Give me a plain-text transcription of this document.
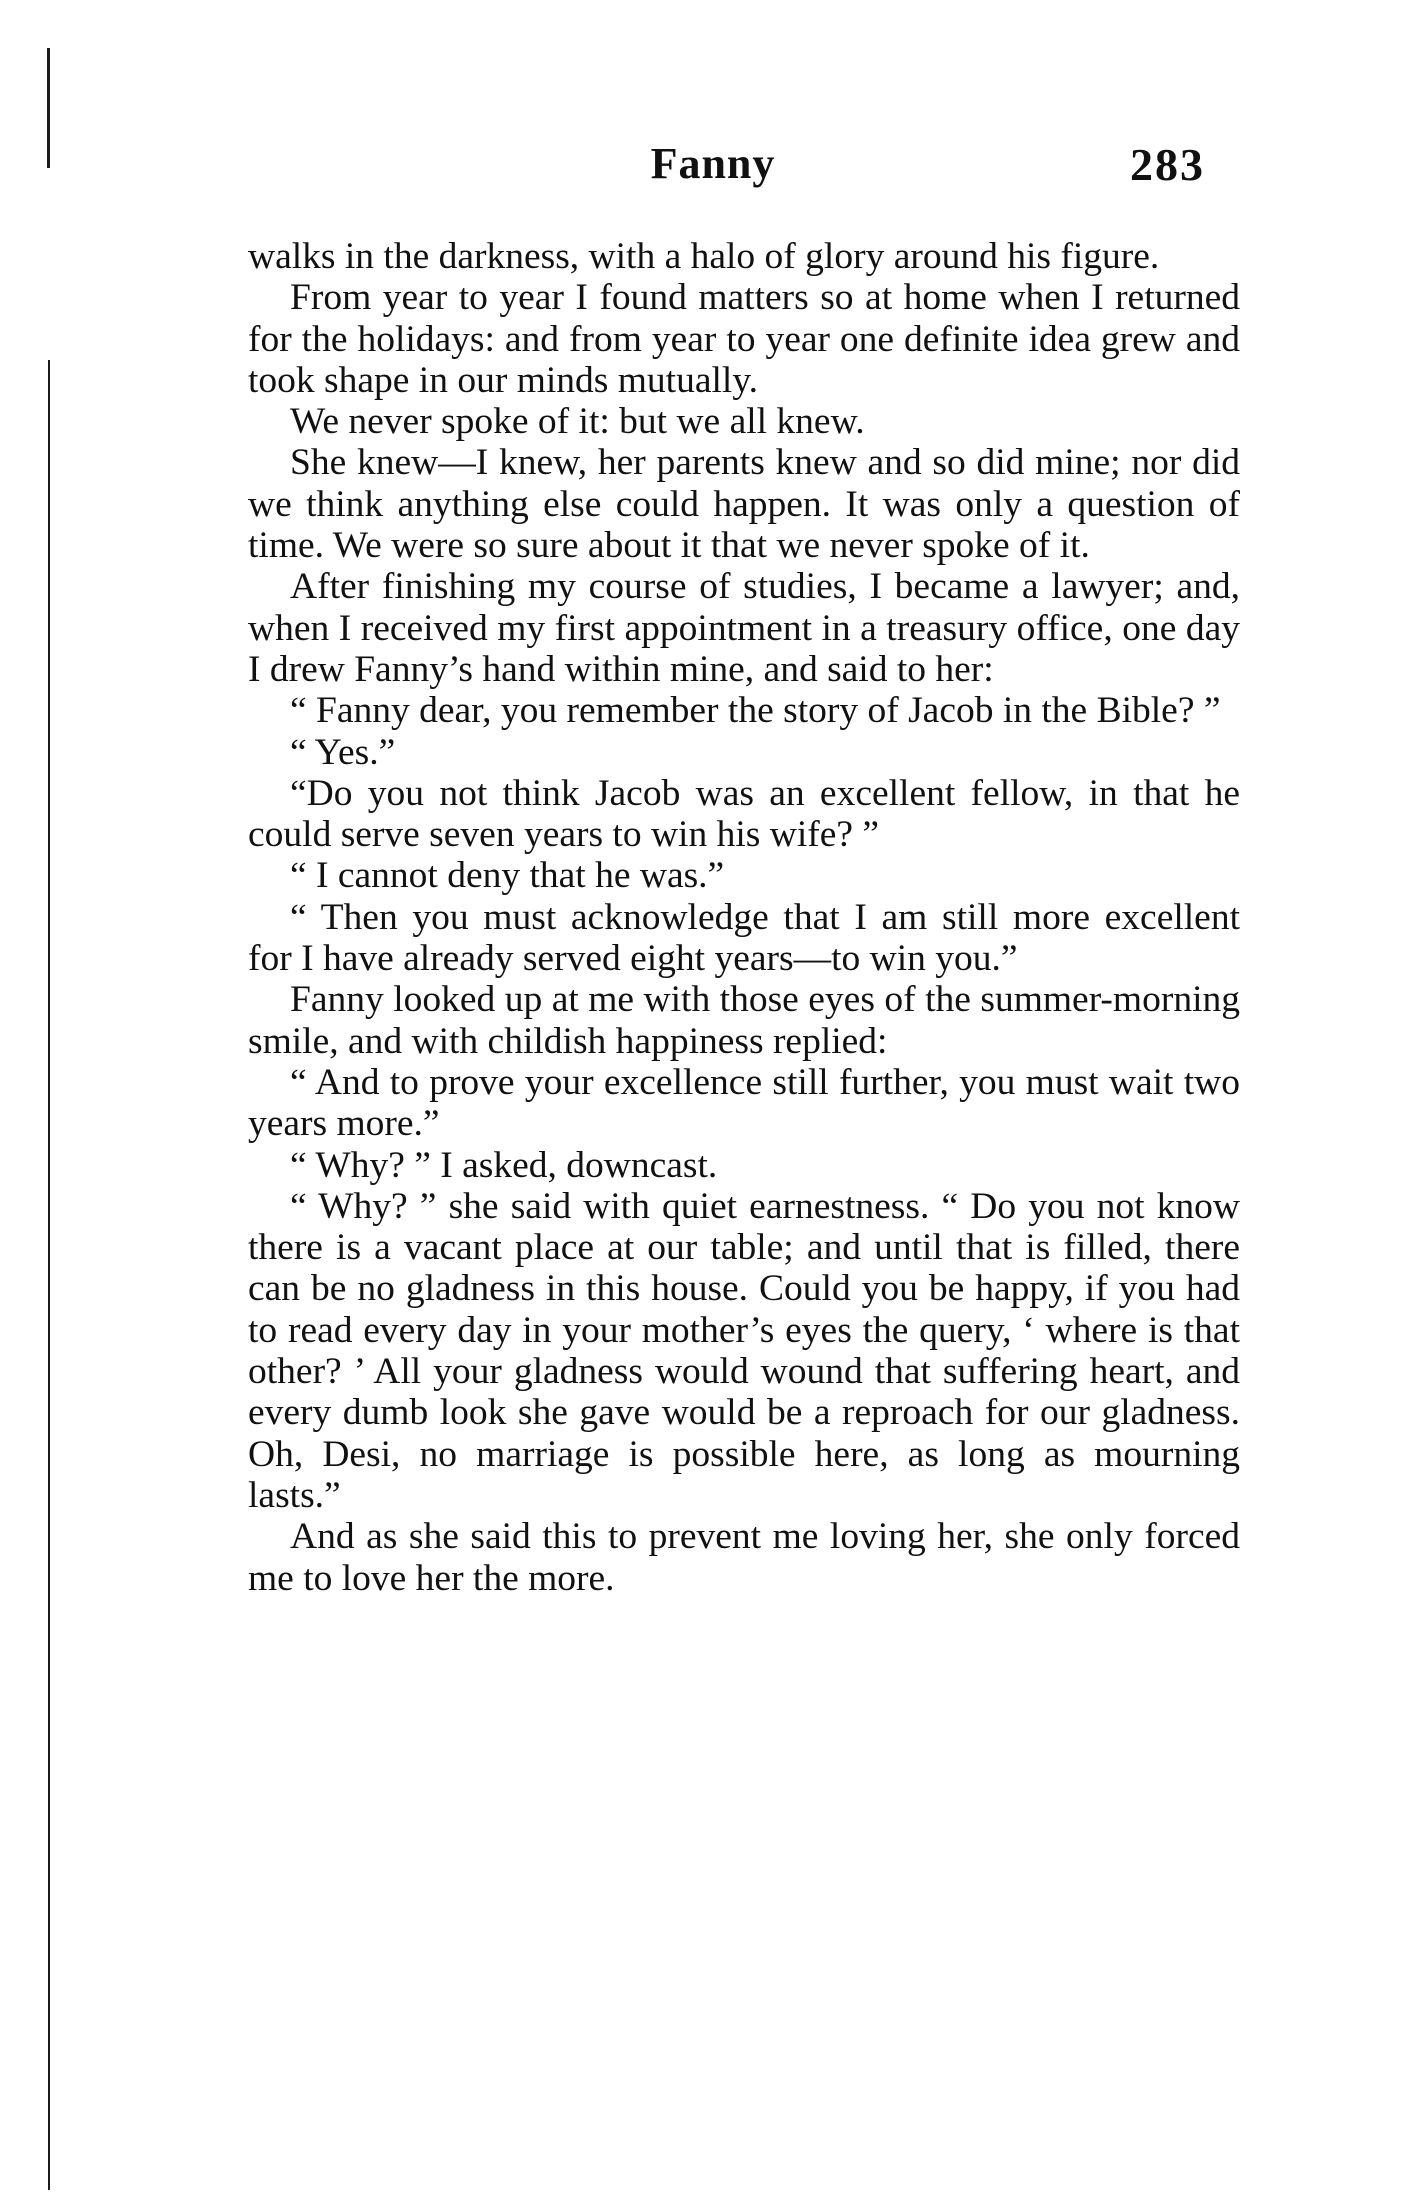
Fanny	283

walks in the darkness, with a halo of glory around his figure.

From year to year I found matters so at home when I returned for the holidays: and from year to year one definite idea grew and took shape in our minds mutually.

We never spoke of it: but we all knew.

She knew—I knew, her parents knew and so did mine; nor did we think anything else could happen. It was only a question of time. We were so sure about it that we never spoke of it.

After finishing my course of studies, I became a lawyer; and, when I received my first appointment in a treasury office, one day I drew Fanny’s hand within mine, and said to her:

“ Fanny dear, you remember the story of Jacob in the Bible? ”

“ Yes.”

“Do you not think Jacob was an excellent fellow, in that he could serve seven years to win his wife? ”

“ I cannot deny that he was.”

“ Then you must acknowledge that I am still more excellent for I have already served eight years—to win you.”

Fanny looked up at me with those eyes of the summer-morning smile, and with childish happiness replied:

“ And to prove your excellence still further, you must wait two years more.”

“ Why? ” I asked, downcast.

“ Why? ” she said with quiet earnestness. “ Do you not know there is a vacant place at our table; and until that is filled, there can be no gladness in this house. Could you be happy, if you had to read every day in your mother’s eyes the query, ‘ where is that other? ’ All your gladness would wound that suffering heart, and every dumb look she gave would be a reproach for our gladness. Oh, Desi, no marriage is possible here, as long as mourning lasts.”

And as she said this to prevent me loving her, she only forced me to love her the more.
